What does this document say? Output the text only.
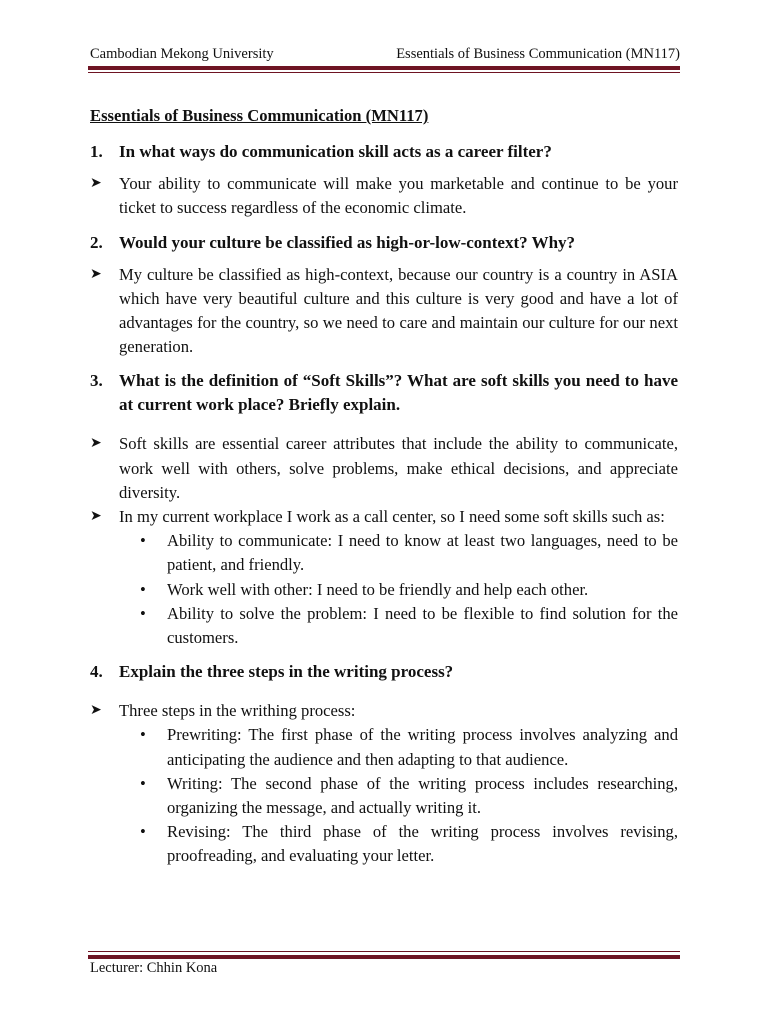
Cambodian Mekong University	Essentials of Business Communication (MN117)

Essentials of Business Communication (MN117)

1. In what ways do communication skill acts as a career filter?
➤	Your ability to communicate will make you marketable and continue to be your ticket to success regardless of the economic climate.
2. Would your culture be classified as high-or-low-context? Why?
➤	My culture be classified as high-context, because our country is a country in ASIA which have very beautiful culture and this culture is very good and have a lot of advantages for the country, so we need to care and maintain our culture for our next generation.
3. What is the definition of “Soft Skills”? What are soft skills you need to have at current work place? Briefly explain.
➤	Soft skills are essential career attributes that include the ability to communicate, work well with others, solve problems, make ethical decisions, and appreciate diversity.
➤	In my current workplace I work as a call center, so I need some soft skills such as:
•	Ability to communicate: I need to know at least two languages, need to be patient, and friendly.
•	Work well with other: I need to be friendly and help each other.
•	Ability to solve the problem: I need to be flexible to find solution for the customers.
4. Explain the three steps in the writing process?
➤	Three steps in the writhing process:
•	Prewriting: The first phase of the writing process involves analyzing and anticipating the audience and then adapting to that audience.
•	Writing: The second phase of the writing process includes researching, organizing the message, and actually writing it.
•	Revising: The third phase of the writing process involves revising, proofreading, and evaluating your letter.
Lecturer: Chhin Kona
